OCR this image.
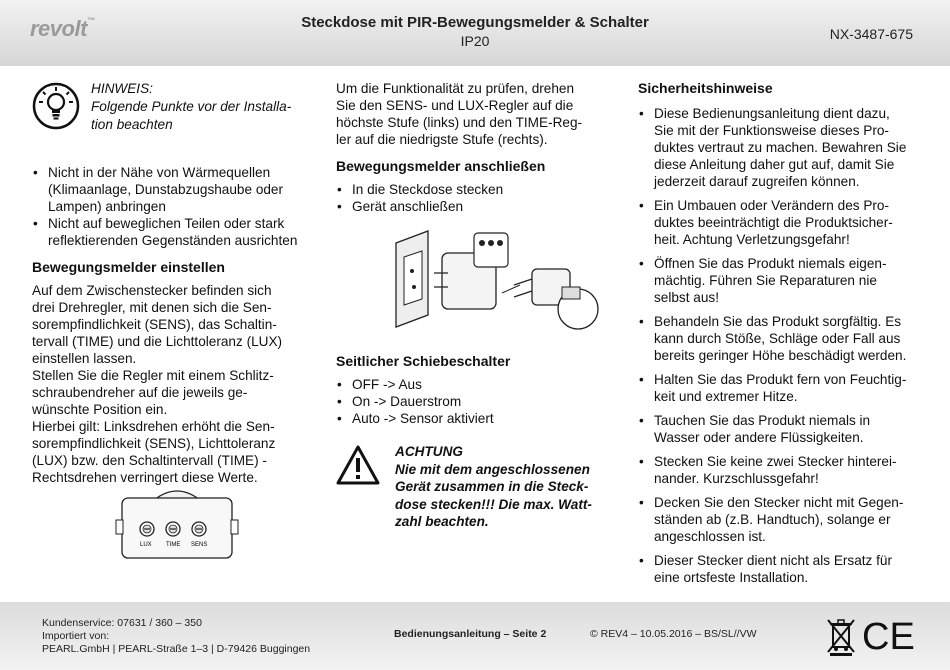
revolt™	Steckdose mit PIR-Bewegungsmelder & Schalter
IP20	NX-3487-675
HINWEIS:
Folgende Punkte vor der Installa-
tion beachten
• Nicht in der Nähe von Wärmequellen
(Klimaanlage, Dunstabzugshaube oder
Lampen) anbringen
• Nicht auf beweglichen Teilen oder stark
reflektierenden Gegenständen ausrichten
Bewegungsmelder einstellen
Auf dem Zwischenstecker befinden sich
drei Drehregler, mit denen sich die Sen-
sorempfindlichkeit (SENS), das Schaltin-
tervall (TIME) und die Lichttoleranz (LUX)
einstellen lassen.
Stellen Sie die Regler mit einem Schlitz-
schraubendreher auf die jeweils ge-
wünschte Position ein.
Hierbei gilt: Linksdrehen erhöht die Sen-
sorempfindlichkeit (SENS), Lichttoleranz
(LUX) bzw. den Schaltintervall (TIME) -
Rechtsdrehen verringert diese Werte.
LUX TIME SENS
Um die Funktionalität zu prüfen, drehen
Sie den SENS- und LUX-Regler auf die
höchste Stufe (links) und den TIME-Reg-
ler auf die niedrigste Stufe (rechts).
Bewegungsmelder anschließen
• In die Steckdose stecken
• Gerät anschließen
Seitlicher Schiebeschalter
• OFF -> Aus
• On -> Dauerstrom
• Auto -> Sensor aktiviert
ACHTUNG
Nie mit dem angeschlossenen
Gerät zusammen in die Steck-
dose stecken!!! Die max. Watt-
zahl beachten.
Sicherheitshinweise
• Diese Bedienungsanleitung dient dazu,
Sie mit der Funktionsweise dieses Pro-
duktes vertraut zu machen. Bewahren Sie
diese Anleitung daher gut auf, damit Sie
jederzeit darauf zugreifen können.
• Ein Umbauen oder Verändern des Pro-
duktes beeinträchtigt die Produktsicher-
heit. Achtung Verletzungsgefahr!
• Öffnen Sie das Produkt niemals eigen-
mächtig. Führen Sie Reparaturen nie
selbst aus!
• Behandeln Sie das Produkt sorgfältig. Es
kann durch Stöße, Schläge oder Fall aus
bereits geringer Höhe beschädigt werden.
• Halten Sie das Produkt fern von Feuchtig-
keit und extremer Hitze.
• Tauchen Sie das Produkt niemals in
Wasser oder andere Flüssigkeiten.
• Stecken Sie keine zwei Stecker hinterei-
nander. Kurzschlussgefahr!
• Decken Sie den Stecker nicht mit Gegen-
ständen ab (z.B. Handtuch), solange er
angeschlossen ist.
• Dieser Stecker dient nicht als Ersatz für
eine ortsfeste Installation.
Kundenservice: 07631 / 360 – 350
Importiert von:
PEARL.GmbH | PEARL-Straße 1–3 | D-79426 Buggingen
Bedienungsanleitung – Seite 2	© REV4 – 10.05.2016 – BS/SL//VW	CE
